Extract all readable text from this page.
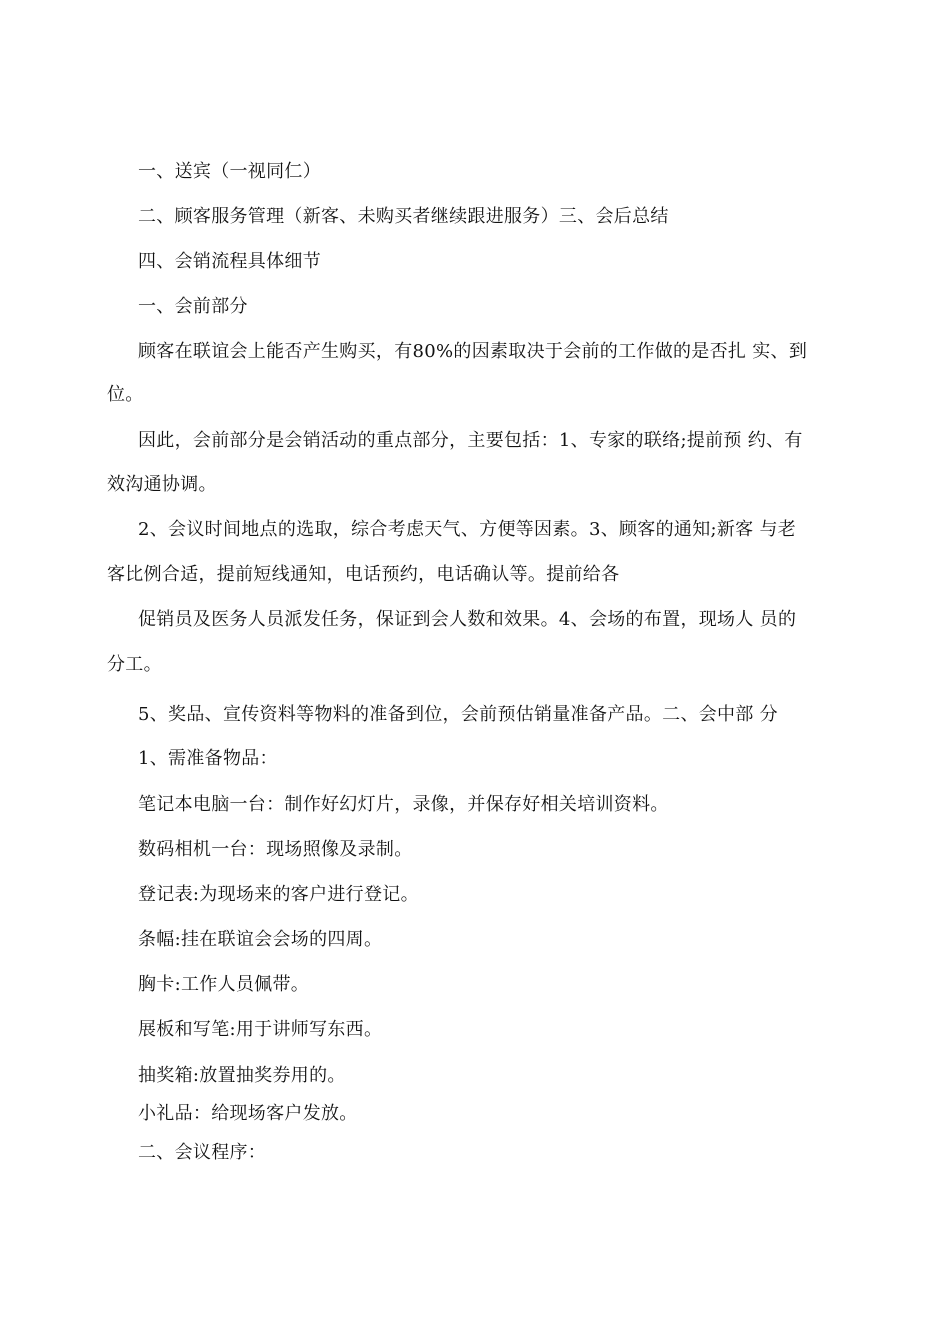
一、送宾（一视同仁）
二、顾客服务管理（新客、未购买者继续跟进服务）三、会后总结
四、会销流程具体细节
一、会前部分
顾客在联谊会上能否产生购买，有80%的因素取决于会前的工作做的是否扎 实、到
位。
因此，会前部分是会销活动的重点部分，主要包括：1、专家的联络;提前预 约、有
效沟通协调。
2、会议时间地点的选取，综合考虑天气、方便等因素。3、顾客的通知;新客 与老
客比例合适，提前短线通知，电话预约，电话确认等。提前给各
促销员及医务人员派发任务，保证到会人数和效果。4、会场的布置，现场人 员的
分工。
5、奖品、宣传资料等物料的准备到位，会前预估销量准备产品。二、会中部 分
1、需准备物品：
笔记本电脑一台：制作好幻灯片，录像，并保存好相关培训资料。
数码相机一台：现场照像及录制。
登记表:为现场来的客户进行登记。
条幅:挂在联谊会会场的四周。
胸卡:工作人员佩带。
展板和写笔:用于讲师写东西。
抽奖箱:放置抽奖券用的。
小礼品：给现场客户发放。
二、会议程序：
